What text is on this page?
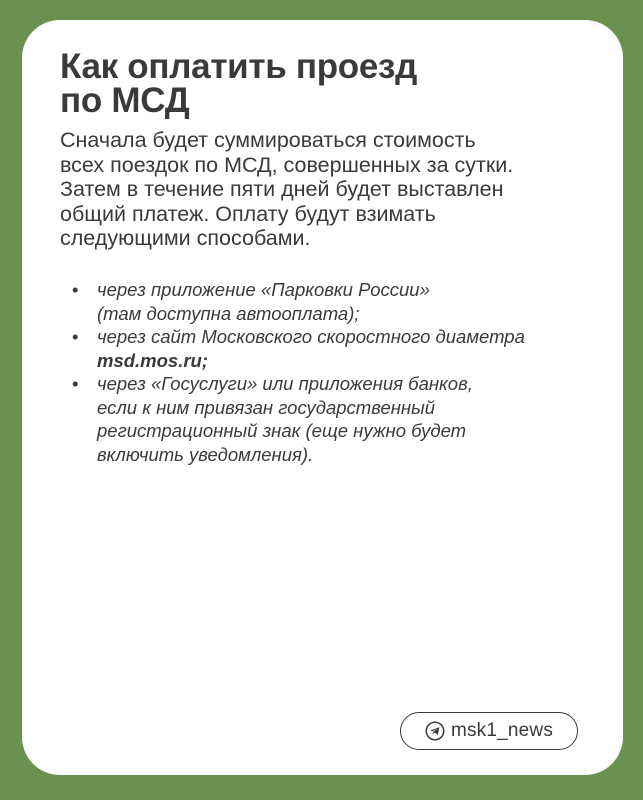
Как оплатить проезд
по МСД

Сначала будет суммироваться стоимость
всех поездок по МСД, совершенных за сутки.
Затем в течение пяти дней будет выставлен
общий платеж. Оплату будут взимать
следующими способами.

• через приложение «Парковки России»
(там доступна автооплата);
• через сайт Московского скоростного диаметра
msd.mos.ru;
• через «Госуслуги» или приложения банков,
если к ним привязан государственный
регистрационный знак (еще нужно будет
включить уведомления).
msk1_news
